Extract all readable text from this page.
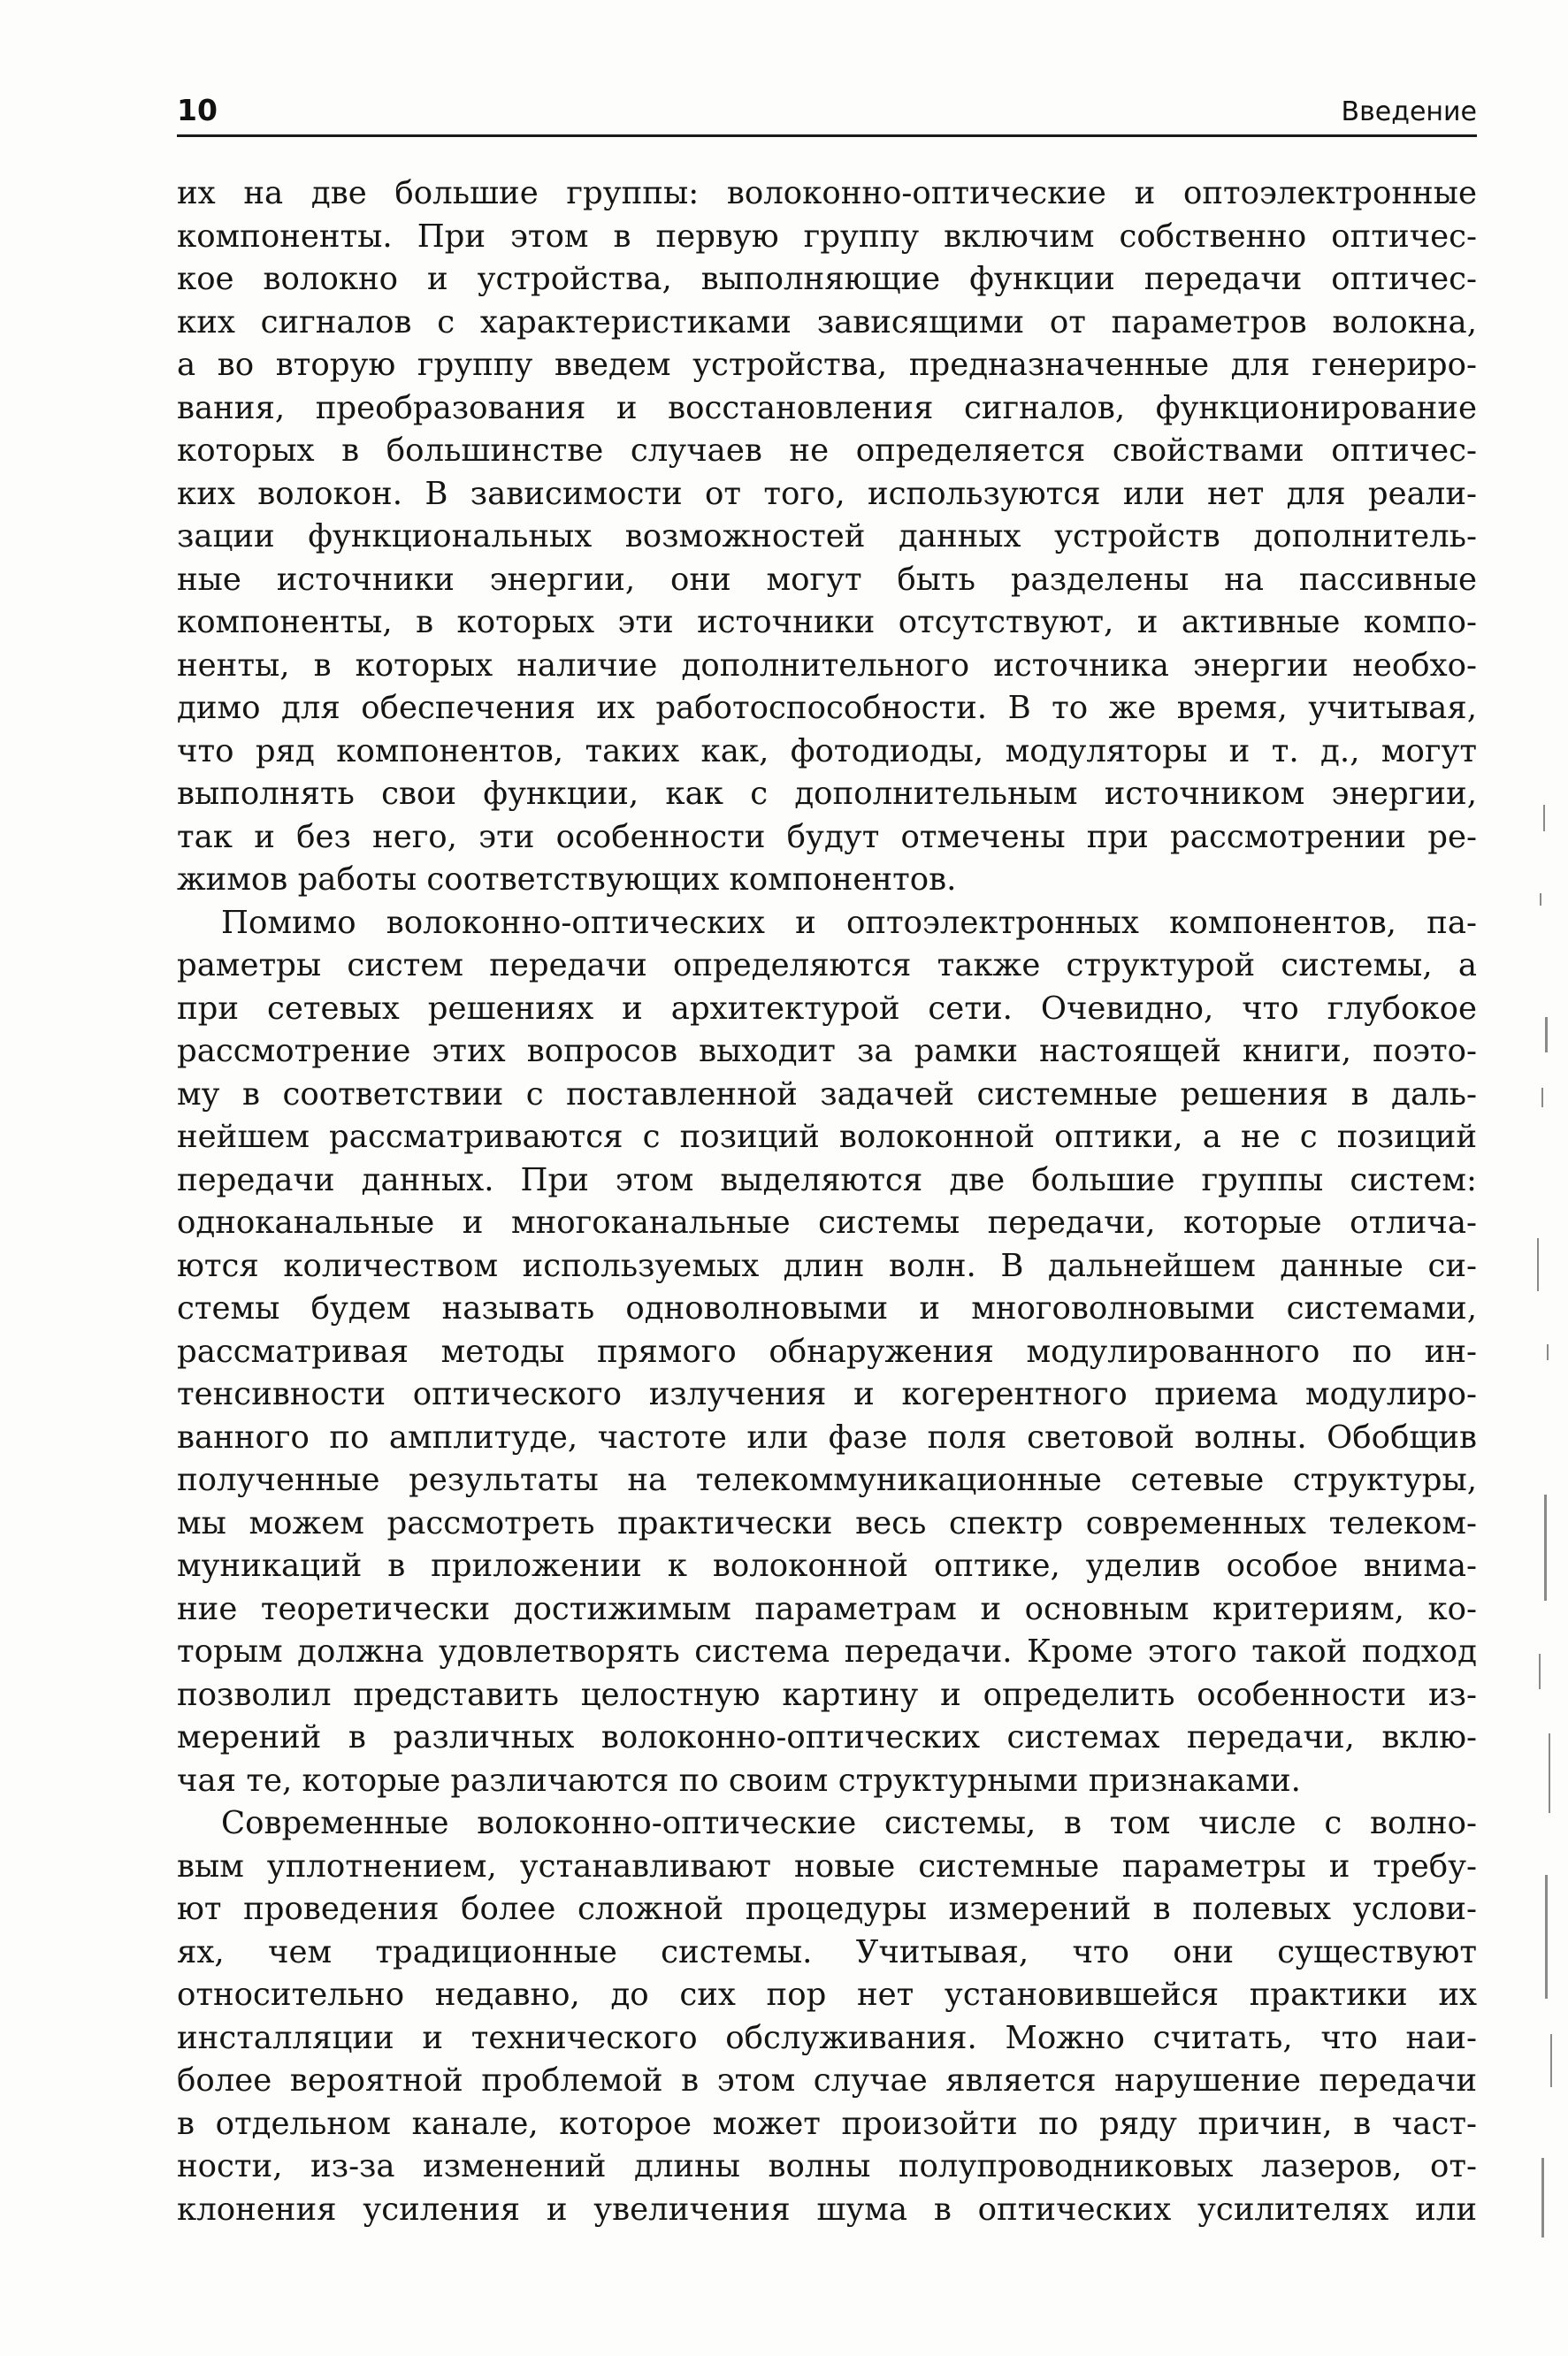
10	Введение
их на две большие группы: волоконно-оптические и оптоэлектронные
компоненты. При этом в первую группу включим собственно оптичес-
кое волокно и устройства, выполняющие функции передачи оптичес-
ких сигналов с характеристиками зависящими от параметров волокна,
а во вторую группу введем устройства, предназначенные для генериро-
вания, преобразования и восстановления сигналов, функционирование
которых в большинстве случаев не определяется свойствами оптичес-
ких волокон. В зависимости от того, используются или нет для реали-
зации функциональных возможностей данных устройств дополнитель-
ные источники энергии, они могут быть разделены на пассивные
компоненты, в которых эти источники отсутствуют, и активные компо-
ненты, в которых наличие дополнительного источника энергии необхо-
димо для обеспечения их работоспособности. В то же время, учитывая,
что ряд компонентов, таких как, фотодиоды, модуляторы и т. д., могут
выполнять свои функции, как с дополнительным источником энергии,
так и без него, эти особенности будут отмечены при рассмотрении ре-
жимов работы соответствующих компонентов.
Помимо волоконно-оптических и оптоэлектронных компонентов, па-
раметры систем передачи определяются также структурой системы, а
при сетевых решениях и архитектурой сети. Очевидно, что глубокое
рассмотрение этих вопросов выходит за рамки настоящей книги, поэто-
му в соответствии с поставленной задачей системные решения в даль-
нейшем рассматриваются с позиций волоконной оптики, а не с позиций
передачи данных. При этом выделяются две большие группы систем:
одноканальные и многоканальные системы передачи, которые отлича-
ются количеством используемых длин волн. В дальнейшем данные си-
стемы будем называть одноволновыми и многоволновыми системами,
рассматривая методы прямого обнаружения модулированного по ин-
тенсивности оптического излучения и когерентного приема модулиро-
ванного по амплитуде, частоте или фазе поля световой волны. Обобщив
полученные результаты на телекоммуникационные сетевые структуры,
мы можем рассмотреть практически весь спектр современных телеком-
муникаций в приложении к волоконной оптике, уделив особое внима-
ние теоретически достижимым параметрам и основным критериям, ко-
торым должна удовлетворять система передачи. Кроме этого такой подход
позволил представить целостную картину и определить особенности из-
мерений в различных волоконно-оптических системах передачи, вклю-
чая те, которые различаются по своим структурными признаками.
Современные волоконно-оптические системы, в том числе с волно-
вым уплотнением, устанавливают новые системные параметры и требу-
ют проведения более сложной процедуры измерений в полевых услови-
ях, чем традиционные системы. Учитывая, что они существуют
относительно недавно, до сих пор нет установившейся практики их
инсталляции и технического обслуживания. Можно считать, что наи-
более вероятной проблемой в этом случае является нарушение передачи
в отдельном канале, которое может произойти по ряду причин, в част-
ности, из-за изменений длины волны полупроводниковых лазеров, от-
клонения усиления и увеличения шума в оптических усилителях или
